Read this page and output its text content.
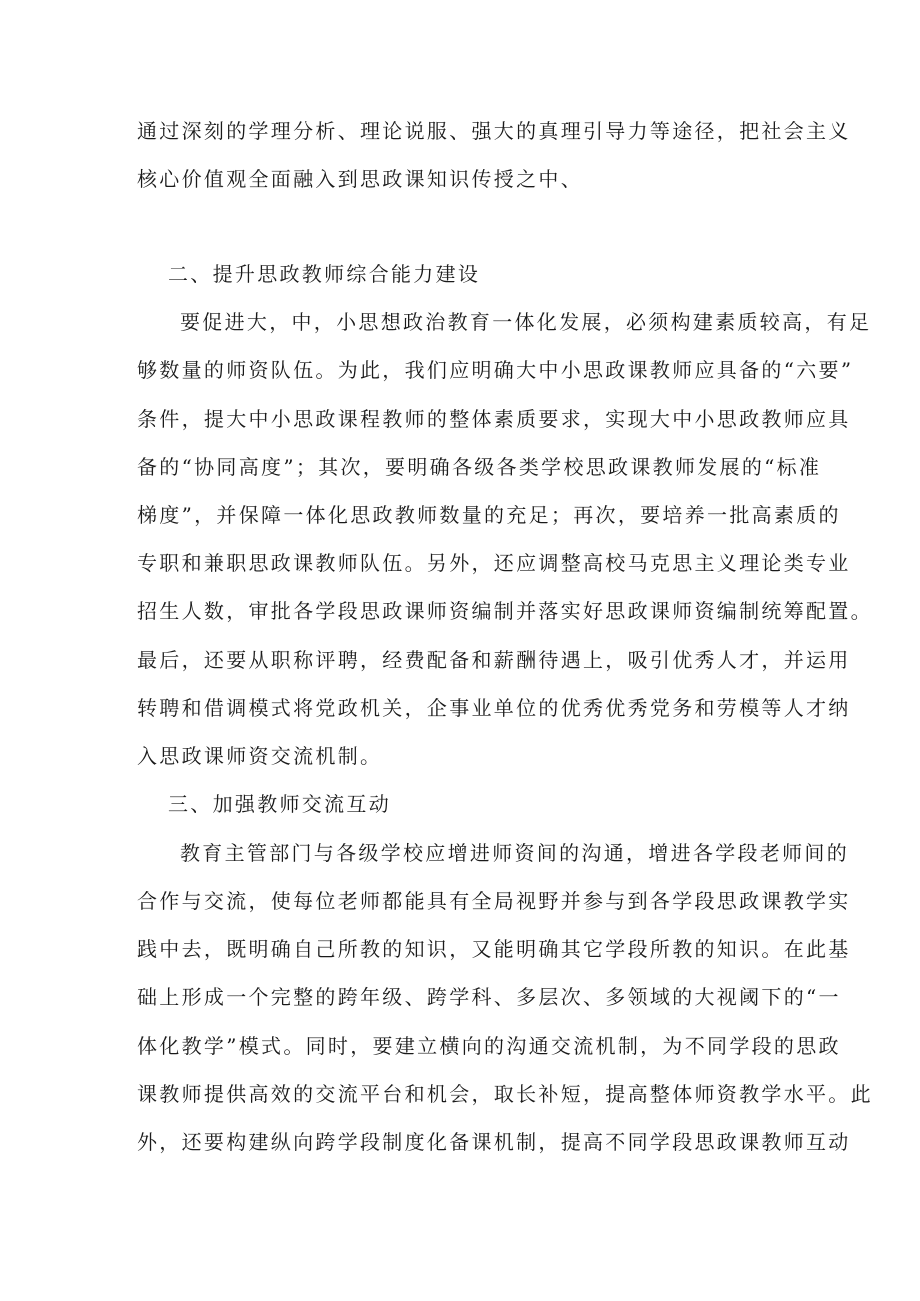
通过深刻的学理分析、理论说服、强大的真理引导力等途径，把社会主义
核心价值观全面融入到思政课知识传授之中、
二、提升思政教师综合能力建设
要促进大，中，小思想政治教育一体化发展，必须构建素质较高，有足
够数量的师资队伍。为此，我们应明确大中小思政课教师应具备的“六要”
条件，提大中小思政课程教师的整体素质要求，实现大中小思政教师应具
备的“协同高度”；其次，要明确各级各类学校思政课教师发展的“标准
梯度”，并保障一体化思政教师数量的充足；再次，要培养一批高素质的
专职和兼职思政课教师队伍。另外，还应调整高校马克思主义理论类专业
招生人数，审批各学段思政课师资编制并落实好思政课师资编制统筹配置。
最后，还要从职称评聘，经费配备和薪酬待遇上，吸引优秀人才，并运用
转聘和借调模式将党政机关，企事业单位的优秀优秀党务和劳模等人才纳
入思政课师资交流机制。
三、加强教师交流互动
教育主管部门与各级学校应增进师资间的沟通，增进各学段老师间的
合作与交流，使每位老师都能具有全局视野并参与到各学段思政课教学实
践中去，既明确自己所教的知识，又能明确其它学段所教的知识。在此基
础上形成一个完整的跨年级、跨学科、多层次、多领域的大视阈下的“一
体化教学”模式。同时，要建立横向的沟通交流机制，为不同学段的思政
课教师提供高效的交流平台和机会，取长补短，提高整体师资教学水平。此
外，还要构建纵向跨学段制度化备课机制，提高不同学段思政课教师互动
